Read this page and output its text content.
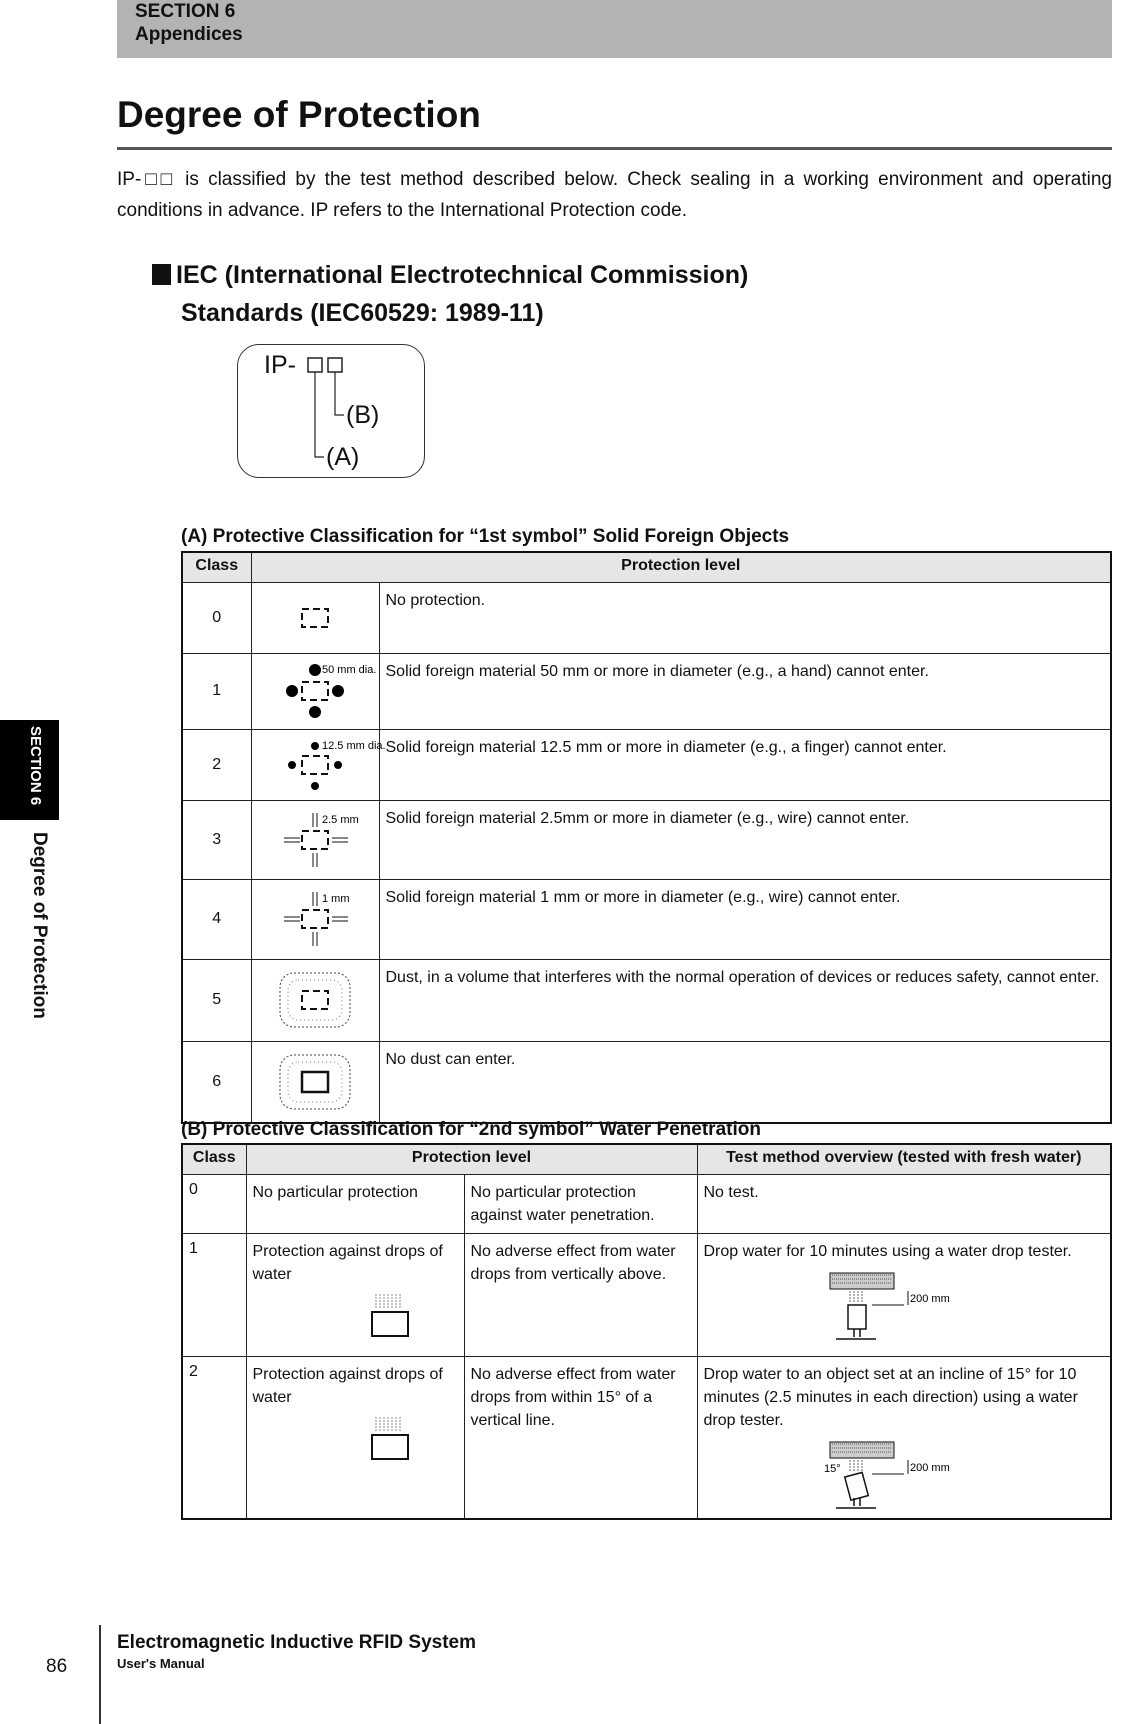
SECTION 6
Appendices
Degree of Protection
IP-□□ is classified by the test method described below. Check sealing in a working environment and operating conditions in advance. IP refers to the International Protection code.
IEC (International Electrotechnical Commission)
Standards (IEC60529: 1989-11)
IP-
(B)
(A)
(A) Protective Classification for “1st symbol” Solid Foreign Objects
Class	Protection level	
0		No protection.
1	50 mm dia.	Solid foreign material 50 mm or more in diameter (e.g., a hand) cannot enter.
2	12.5 mm dia.	Solid foreign material 12.5 mm or more in diameter (e.g., a finger) cannot enter.
3	2.5 mm	Solid foreign material 2.5mm or more in diameter (e.g., wire) cannot enter.
4	1 mm	Solid foreign material 1 mm or more in diameter (e.g., wire) cannot enter.
5		Dust, in a volume that interferes with the normal operation of devices or reduces safety, cannot enter.
6		No dust can enter.
(B) Protective Classification for “2nd symbol” Water Penetration
Class	Protection level		Test method overview (tested with fresh water)
0	No particular protection	No particular protection against water penetration.	No test.

1	Protection against drops of water	No adverse effect from water drops from vertically above.	Drop water for 10 minutes using a water drop tester.
200 mm

2	Protection against drops of water	No adverse effect from water drops from within 15° of a vertical line.	Drop water to an object set at an incline of 15° for 10 minutes (2.5 minutes in each direction) using a water drop tester.
200 mm
15°
SECTION 6
Degree of Protection
86
Electromagnetic Inductive RFID System
User's Manual
